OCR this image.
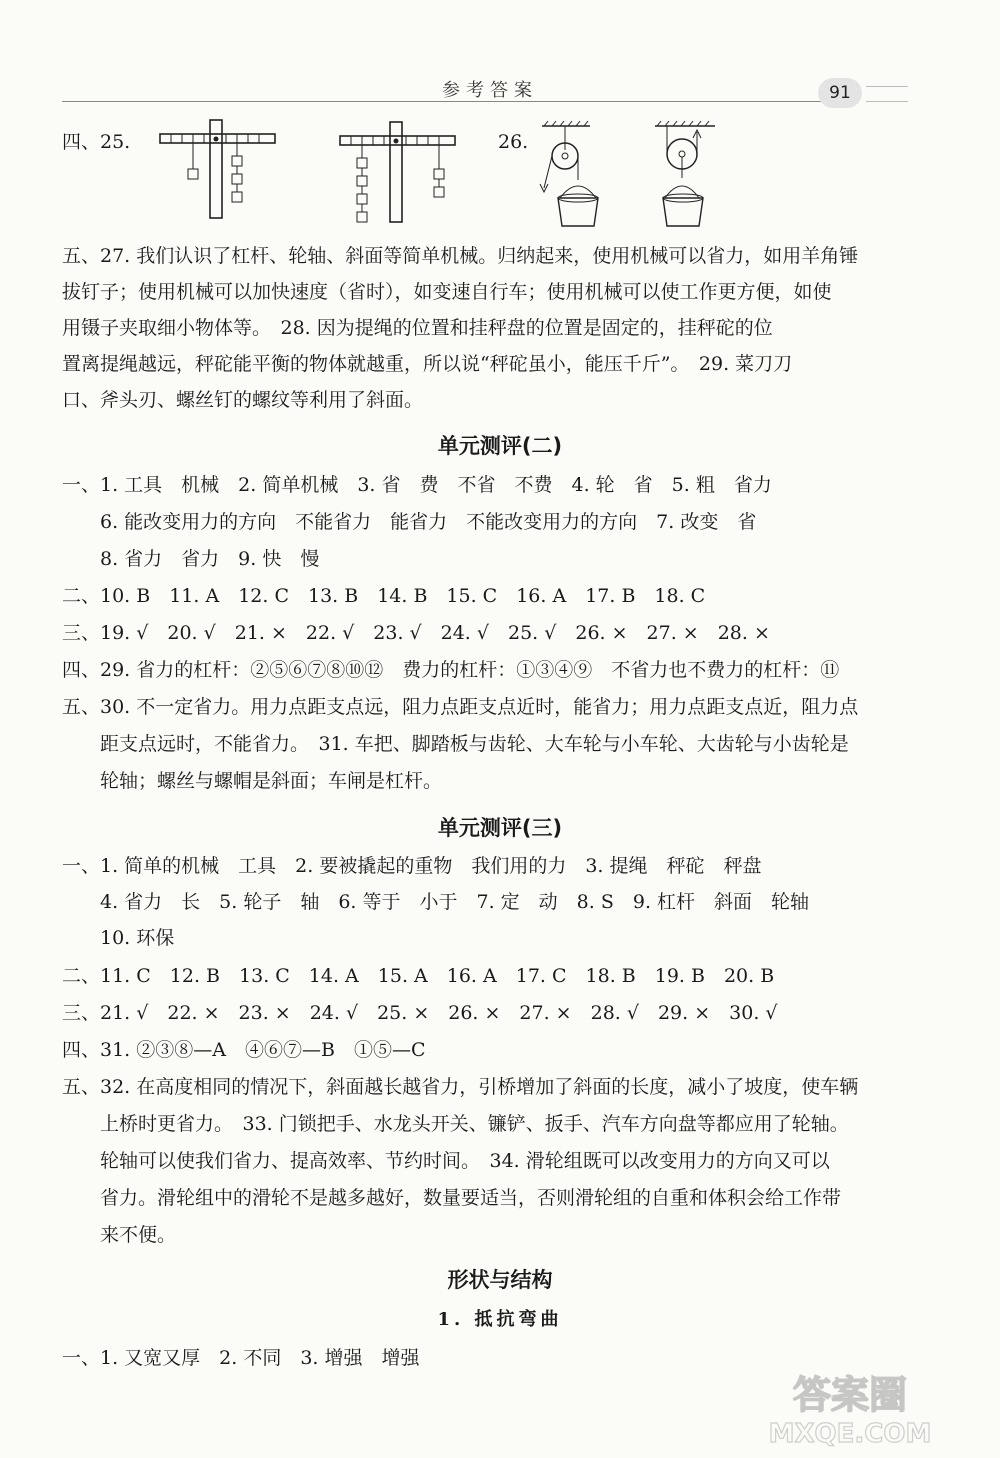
参考答案	91
四、25.	26.
五、27. 我们认识了杠杆、轮轴、斜面等简单机械。归纳起来，使用机械可以省力，如用羊角锤
拔钉子；使用机械可以加快速度（省时），如变速自行车；使用机械可以使工作更方便，如使
用镊子夹取细小物体等。　28. 因为提绳的位置和挂秤盘的位置是固定的，挂秤砣的位
置离提绳越远，秤砣能平衡的物体就越重，所以说“秤砣虽小，能压千斤”。　29. 菜刀刀
口、斧头刃、螺丝钉的螺纹等利用了斜面。
单元测评(二)
一、1. 工具　机械　2. 简单机械　3. 省　费　不省　不费　4. 轮　省　5. 粗　省力
　　6. 能改变用力的方向　不能省力　能省力　不能改变用力的方向　7. 改变　省
　　8. 省力　省力　9. 快　慢
二、10. B　11. A　12. C　13. B　14. B　15. C　16. A　17. B　18. C
三、19. √　20. √　21. ×　22. √　23. √　24. √　25. √　26. ×　27. ×　28. ×
四、29. 省力的杠杆：②⑤⑥⑦⑧⑩⑫　费力的杠杆：①③④⑨　不省力也不费力的杠杆：⑪
五、30. 不一定省力。用力点距支点远，阻力点距支点近时，能省力；用力点距支点近，阻力点
　　距支点远时，不能省力。　31. 车把、脚踏板与齿轮、大车轮与小车轮、大齿轮与小齿轮是
　　轮轴；螺丝与螺帽是斜面；车闸是杠杆。
单元测评(三)
一、1. 简单的机械　工具　2. 要被撬起的重物　我们用的力　3. 提绳　秤砣　秤盘
　　4. 省力　长　5. 轮子　轴　6. 等于　小于　7. 定　动　8. S　9. 杠杆　斜面　轮轴
　　10. 环保
二、11. C　12. B　13. C　14. A　15. A　16. A　17. C　18. B　19. B　20. B
三、21. √　22. ×　23. ×　24. √　25. ×　26. ×　27. ×　28. √　29. ×　30. √
四、31. ②③⑧—A　④⑥⑦—B　①⑤—C
五、32. 在高度相同的情况下，斜面越长越省力，引桥增加了斜面的长度，减小了坡度，使车辆
　　上桥时更省力。　33. 门锁把手、水龙头开关、镰铲、扳手、汽车方向盘等都应用了轮轴。
　　轮轴可以使我们省力、提高效率、节约时间。　34. 滑轮组既可以改变用力的方向又可以
　　省力。滑轮组中的滑轮不是越多越好，数量要适当，否则滑轮组的自重和体积会给工作带
　　来不便。
形状与结构
1. 抵抗弯曲
一、1. 又宽又厚　2. 不同　3. 增强　增强
答案圈
MXQE.COM
